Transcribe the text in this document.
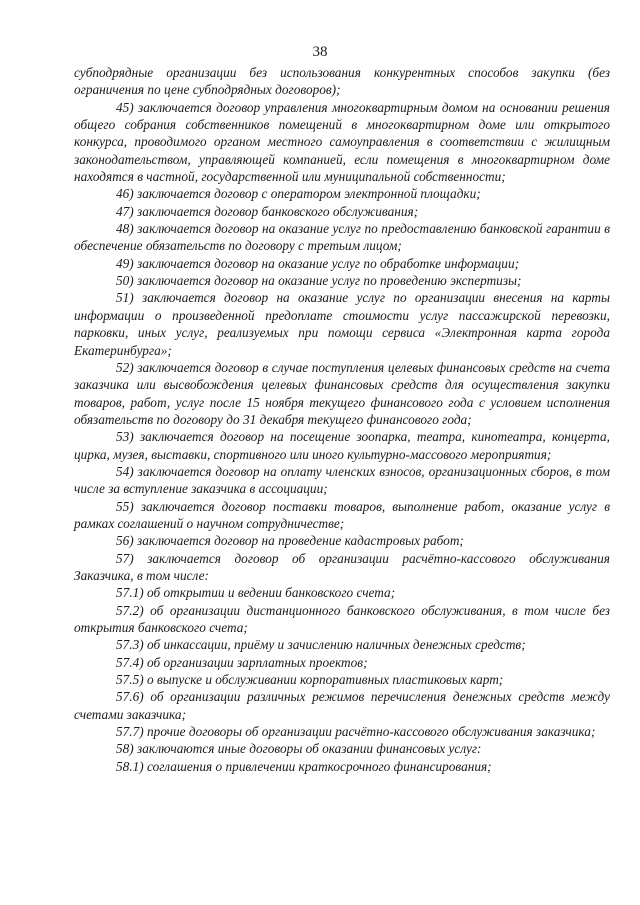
38

субподрядные организации без использования конкурентных способов закупки (без ограничения по цене субподрядных договоров);

45) заключается договор управления многоквартирным домом на основании решения общего собрания собственников помещений в многоквартирном доме или открытого конкурса, проводимого органом местного самоуправления в соответствии с жилищным законодательством, управляющей компанией, если помещения в многоквартирном доме находятся в частной, государственной или муниципальной собственности;

46) заключается договор с оператором электронной площадки;

47) заключается договор банковского обслуживания;

48) заключается договор на оказание услуг по предоставлению банковской гарантии в обеспечение обязательств по договору с третьим лицом;

49) заключается договор на оказание услуг по обработке информации;

50) заключается договор на оказание услуг по проведению экспертизы;

51) заключается договор на оказание услуг по организации внесения на карты информации о произведенной предоплате стоимости услуг пассажирской перевозки, парковки, иных услуг, реализуемых при помощи сервиса «Электронная карта города Екатеринбурга»;

52) заключается договор в случае поступления целевых финансовых средств на счета заказчика или высвобождения целевых финансовых средств для осуществления закупки товаров, работ, услуг после 15 ноября текущего финансового года с условием исполнения обязательств по договору до 31 декабря текущего финансового года;

53) заключается договор на посещение зоопарка, театра, кинотеатра, концерта, цирка, музея, выставки, спортивного или иного культурно-массового мероприятия;

54) заключается договор на оплату членских взносов, организационных сборов, в том числе за вступление заказчика в ассоциации;

55) заключается договор поставки товаров, выполнение работ, оказание услуг в рамках соглашений о научном сотрудничестве;

56) заключается договор на проведение кадастровых работ;

57) заключается договор об организации расчётно-кассового обслуживания Заказчика, в том числе:

57.1) об открытии и ведении банковского счета;

57.2) об организации дистанционного банковского обслуживания, в том числе без открытия банковского счета;

57.3) об инкассации, приёму и зачислению наличных денежных средств;

57.4) об организации зарплатных проектов;

57.5) о выпуске и обслуживании корпоративных пластиковых карт;

57.6) об организации различных режимов перечисления денежных средств между счетами заказчика;

57.7) прочие договоры об организации расчётно-кассового обслуживания заказчика;

58) заключаются иные договоры об оказании финансовых услуг:

58.1) соглашения о привлечении краткосрочного финансирования;
